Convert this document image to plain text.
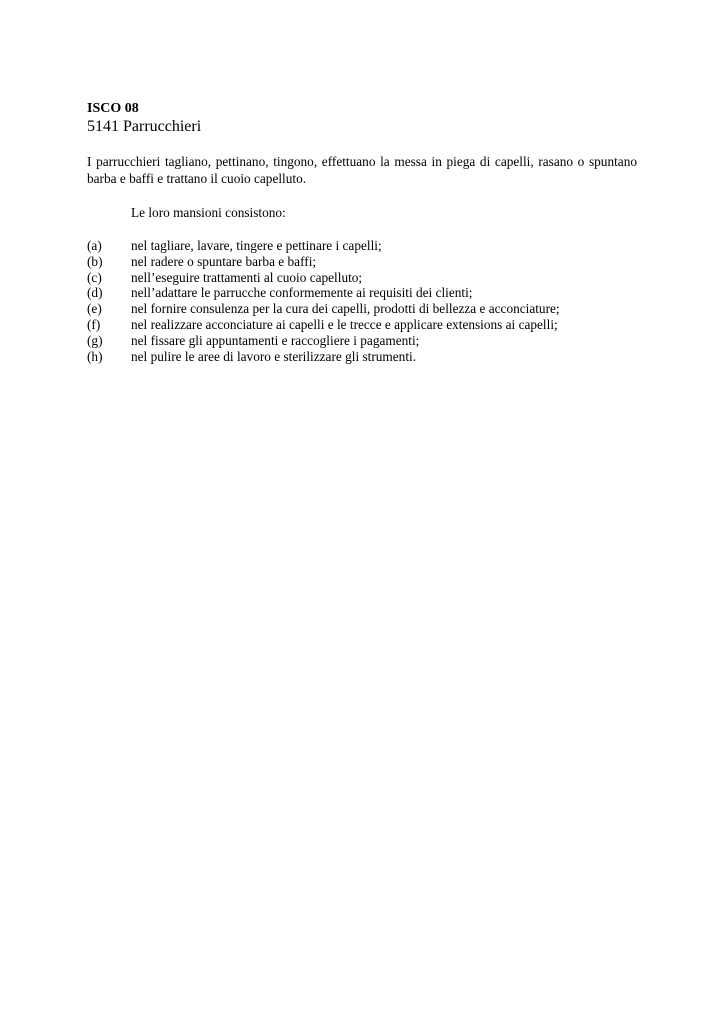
ISCO 08

5141 Parrucchieri

I parrucchieri tagliano, pettinano, tingono, effettuano la messa in piega di capelli, rasano o spuntano barba e baffi e trattano il cuoio capelluto.

Le loro mansioni consistono:

(a)	nel tagliare, lavare, tingere e pettinare i capelli;
(b)	nel radere o spuntare barba e baffi;
(c)	nell’eseguire trattamenti al cuoio capelluto;
(d)	nell’adattare le parrucche conformemente ai requisiti dei clienti;
(e)	nel fornire consulenza per la cura dei capelli, prodotti di bellezza e acconciature;
(f)	nel realizzare acconciature ai capelli e le trecce e applicare extensions ai capelli;
(g)	nel fissare gli appuntamenti e raccogliere i pagamenti;
(h)	nel pulire le aree di lavoro e sterilizzare gli strumenti.
